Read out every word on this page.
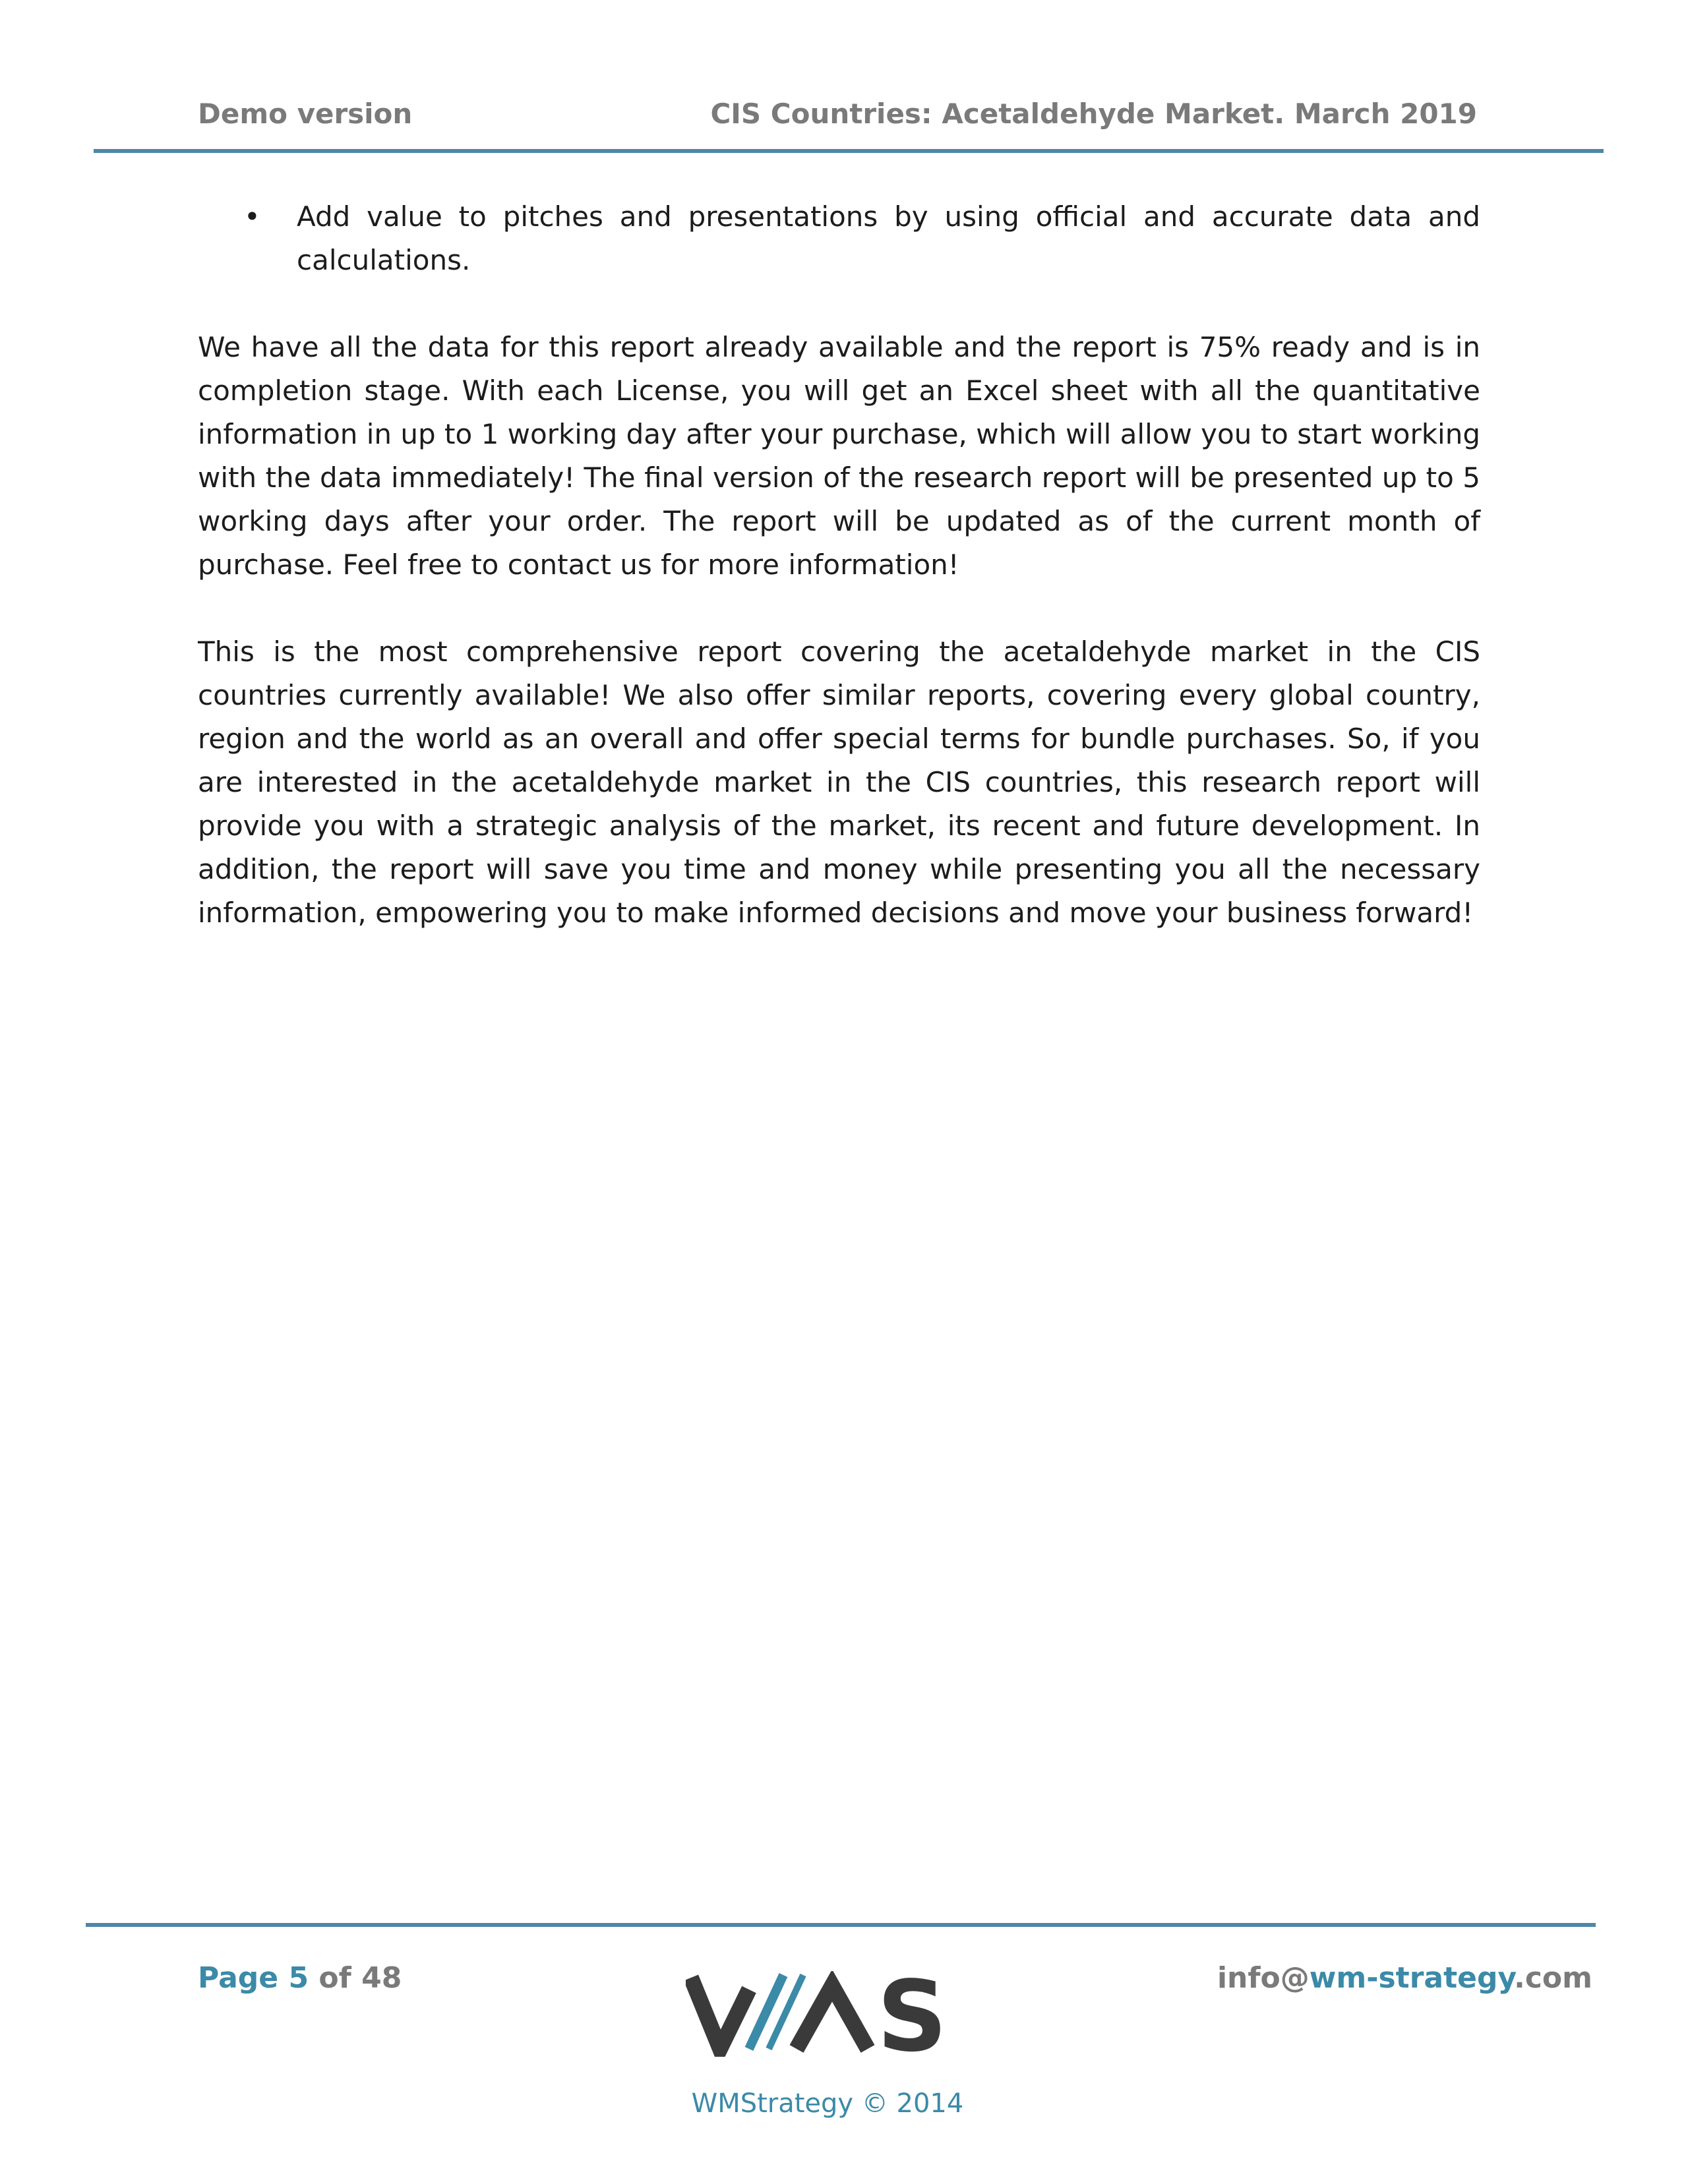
Demo version	CIS Countries: Acetaldehyde Market. March 2019
• Add value to pitches and presentations by using official and accurate data and calculations.

We have all the data for this report already available and the report is 75% ready and is in completion stage. With each License, you will get an Excel sheet with all the quantitative information in up to 1 working day after your purchase, which will allow you to start working with the data immediately! The final version of the research report will be presented up to 5 working days after your order. The report will be updated as of the current month of purchase. Feel free to contact us for more information!

This is the most comprehensive report covering the acetaldehyde market in the CIS countries currently available! We also offer similar reports, covering every global country, region and the world as an overall and offer special terms for bundle purchases. So, if you are interested in the acetaldehyde market in the CIS countries, this research report will provide you with a strategic analysis of the market, its recent and future development. In addition, the report will save you time and money while presenting you all the necessary information, empowering you to make informed decisions and move your business forward!

Page 5 of 48	info@wm-strategy.com
S
WMStrategy © 2014
